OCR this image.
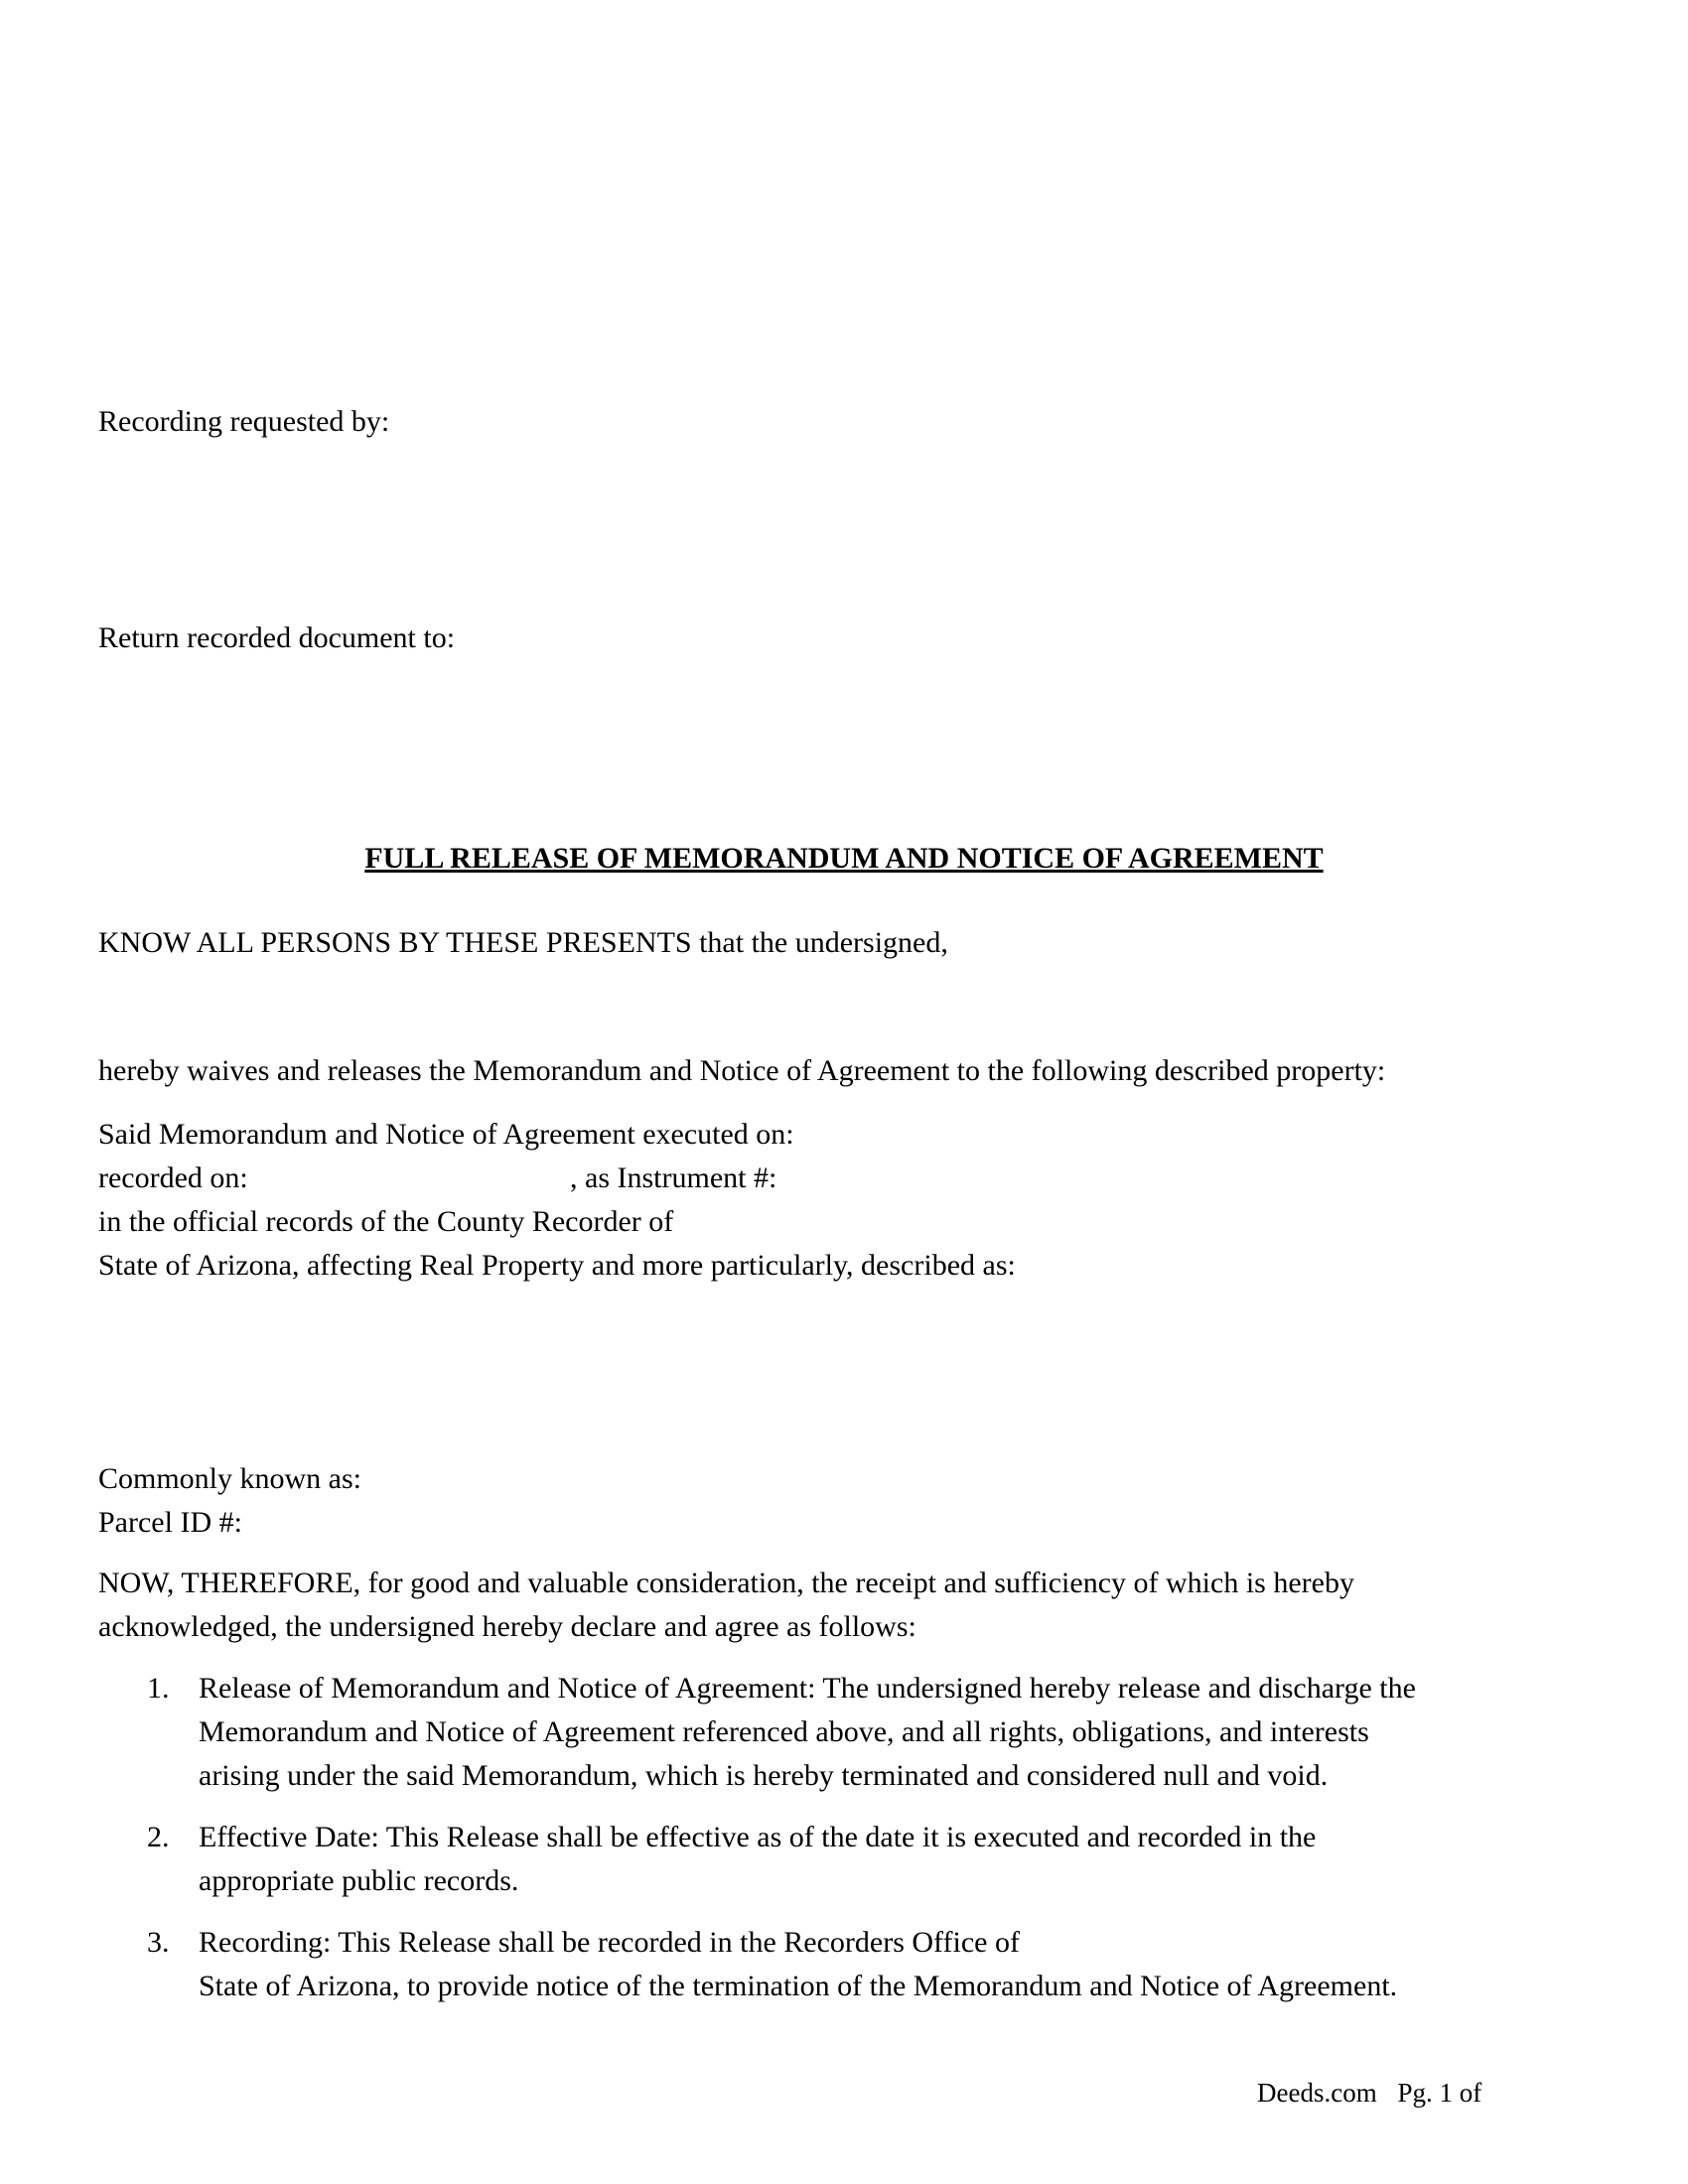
Recording requested by:
Return recorded document to:
FULL RELEASE OF MEMORANDUM AND NOTICE OF AGREEMENT
KNOW ALL PERSONS BY THESE PRESENTS that the undersigned,
hereby waives and releases the Memorandum and Notice of Agreement to the following described property:
Said Memorandum and Notice of Agreement executed on:
recorded on:	, as Instrument #:
in the official records of the County Recorder of
State of Arizona, affecting Real Property and more particularly, described as:
Commonly known as:
Parcel ID #:
NOW, THEREFORE, for good and valuable consideration, the receipt and sufficiency of which is hereby
acknowledged, the undersigned hereby declare and agree as follows:
1. Release of Memorandum and Notice of Agreement: The undersigned hereby release and discharge the
Memorandum and Notice of Agreement referenced above, and all rights, obligations, and interests
arising under the said Memorandum, which is hereby terminated and considered null and void.
2. Effective Date: This Release shall be effective as of the date it is executed and recorded in the
appropriate public records.
3. Recording: This Release shall be recorded in the Recorders Office of
State of Arizona, to provide notice of the termination of the Memorandum and Notice of Agreement.
Deeds.com Pg. 1 of
